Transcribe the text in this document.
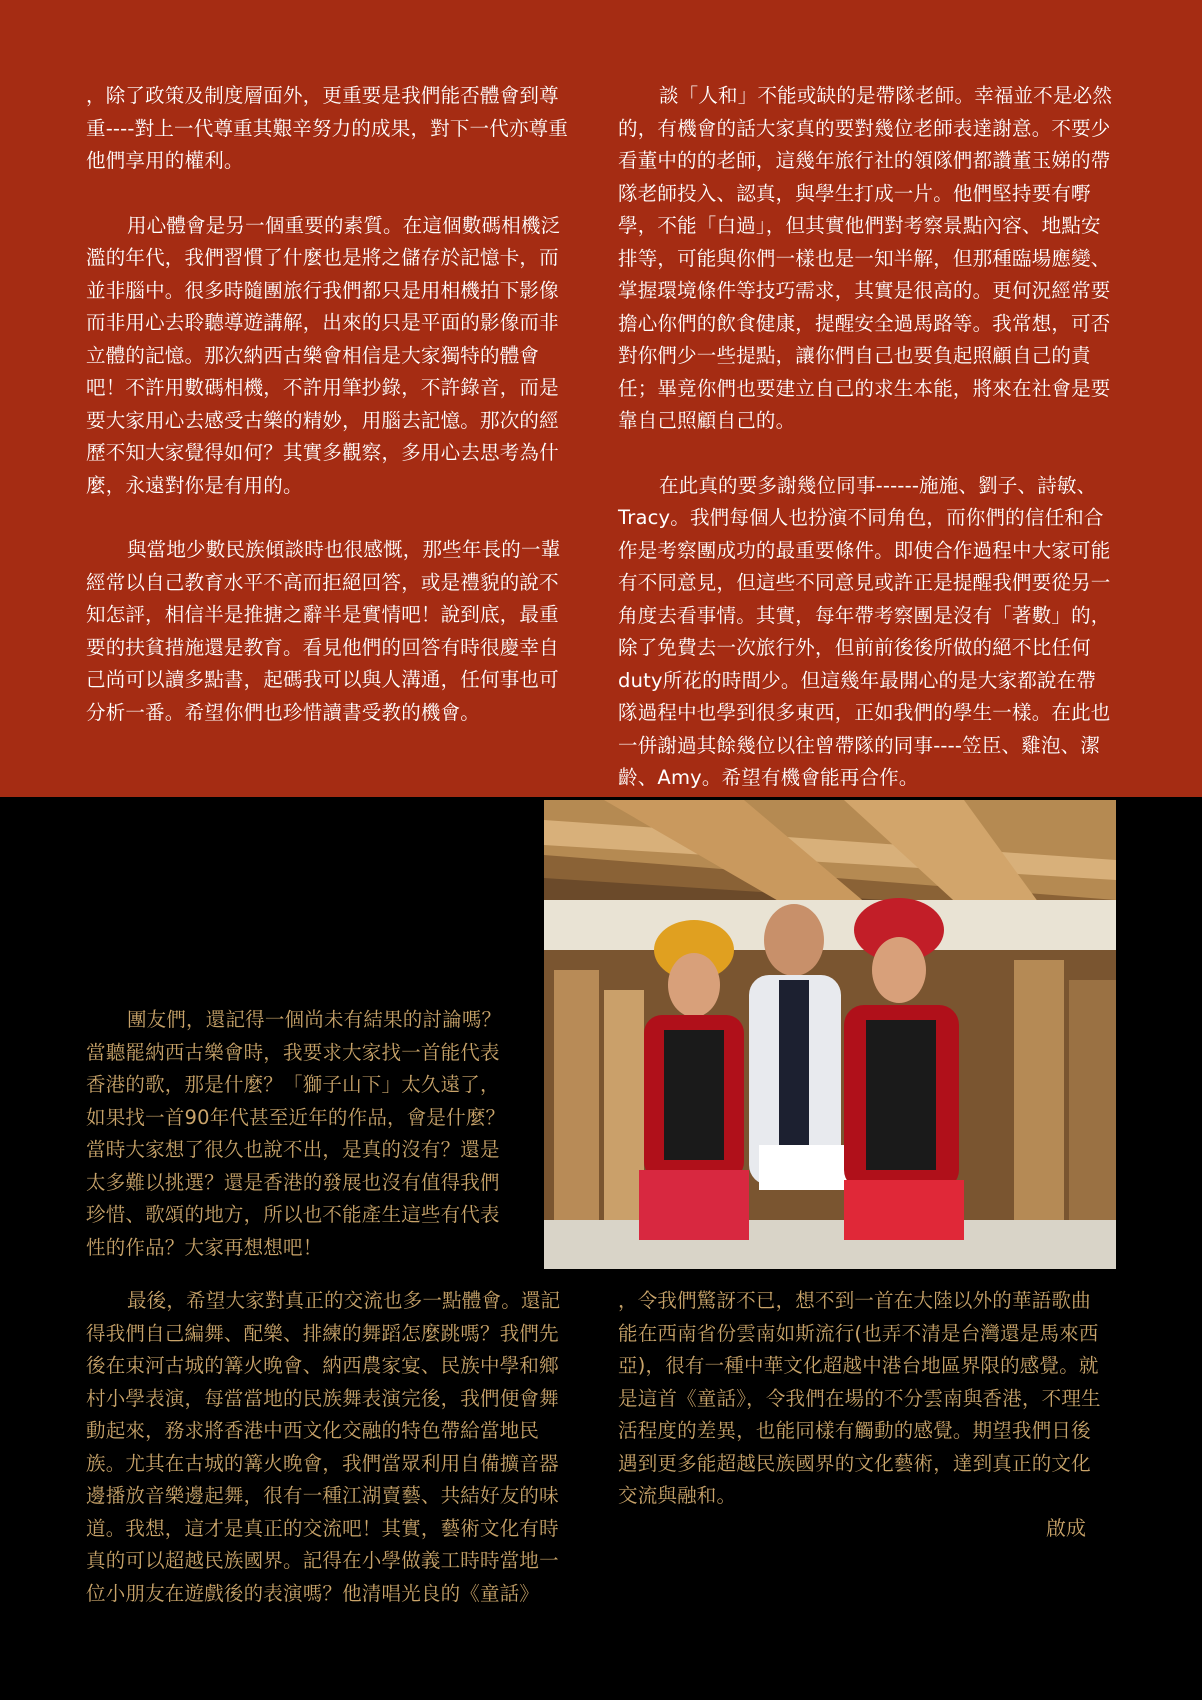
，除了政策及制度層面外，更重要是我們能否體會到尊重----對上一代尊重其艱辛努力的成果，對下一代亦尊重他們享用的權利。

用心體會是另一個重要的素質。在這個數碼相機泛濫的年代，我們習慣了什麼也是將之儲存於記憶卡，而並非腦中。很多時隨團旅行我們都只是用相機拍下影像而非用心去聆聽導遊講解，出來的只是平面的影像而非立體的記憶。那次納西古樂會相信是大家獨特的體會吧！不許用數碼相機，不許用筆抄錄，不許錄音，而是要大家用心去感受古樂的精妙，用腦去記憶。那次的經歷不知大家覺得如何？其實多觀察，多用心去思考為什麼，永遠對你是有用的。

與當地少數民族傾談時也很感慨，那些年長的一輩經常以自己教育水平不高而拒絕回答，或是禮貌的說不知怎評，相信半是推搪之辭半是實情吧！說到底，最重要的扶貧措施還是教育。看見他們的回答有時很慶幸自己尚可以讀多點書，起碼我可以與人溝通，任何事也可分析一番。希望你們也珍惜讀書受教的機會。

談「人和」不能或缺的是帶隊老師。幸福並不是必然的，有機會的話大家真的要對幾位老師表達謝意。不要少看董中的的老師，這幾年旅行社的領隊們都讚董玉娣的帶隊老師投入、認真，與學生打成一片。他們堅持要有嘢學，不能「白過」，但其實他們對考察景點內容、地點安排等，可能與你們一樣也是一知半解，但那種臨場應變、掌握環境條件等技巧需求，其實是很高的。更何況經常要擔心你們的飲食健康，提醒安全過馬路等。我常想，可否對你們少一些提點，讓你們自己也要負起照顧自己的責任；畢竟你們也要建立自己的求生本能，將來在社會是要靠自己照顧自己的。

在此真的要多謝幾位同事------施施、劉子、詩敏、Tracy。我們每個人也扮演不同角色，而你們的信任和合作是考察團成功的最重要條件。即使合作過程中大家可能有不同意見，但這些不同意見或許正是提醒我們要從另一角度去看事情。其實，每年帶考察團是沒有「著數」的，除了免費去一次旅行外，但前前後後所做的絕不比任何duty所花的時間少。但這幾年最開心的是大家都說在帶隊過程中也學到很多東西，正如我們的學生一樣。在此也一併謝過其餘幾位以往曾帶隊的同事----笠臣、雞泡、潔齡、Amy。希望有機會能再合作。

團友們，還記得一個尚未有結果的討論嗎？當聽罷納西古樂會時，我要求大家找一首能代表香港的歌，那是什麼？「獅子山下」太久遠了，如果找一首90年代甚至近年的作品，會是什麼？當時大家想了很久也說不出，是真的沒有？還是太多難以挑選？還是香港的發展也沒有值得我們珍惜、歌頌的地方，所以也不能產生這些有代表性的作品？大家再想想吧！

最後，希望大家對真正的交流也多一點體會。還記得我們自己編舞、配樂、排練的舞蹈怎麼跳嗎？我們先後在束河古城的篝火晚會、納西農家宴、民族中學和鄉村小學表演，每當當地的民族舞表演完後，我們便會舞動起來，務求將香港中西文化交融的特色帶給當地民族。尤其在古城的篝火晚會，我們當眾利用自備擴音器邊播放音樂邊起舞，很有一種江湖賣藝、共結好友的味道。我想，這才是真正的交流吧！其實，藝術文化有時真的可以超越民族國界。記得在小學做義工時時當地一位小朋友在遊戲後的表演嗎？他清唱光良的《童話》

，令我們驚訝不已，想不到一首在大陸以外的華語歌曲能在西南省份雲南如斯流行(也弄不清是台灣還是馬來西亞)，很有一種中華文化超越中港台地區界限的感覺。就是這首《童話》，令我們在場的不分雲南與香港，不理生活程度的差異，也能同樣有觸動的感覺。期望我們日後遇到更多能超越民族國界的文化藝術，達到真正的文化交流與融和。

啟成
